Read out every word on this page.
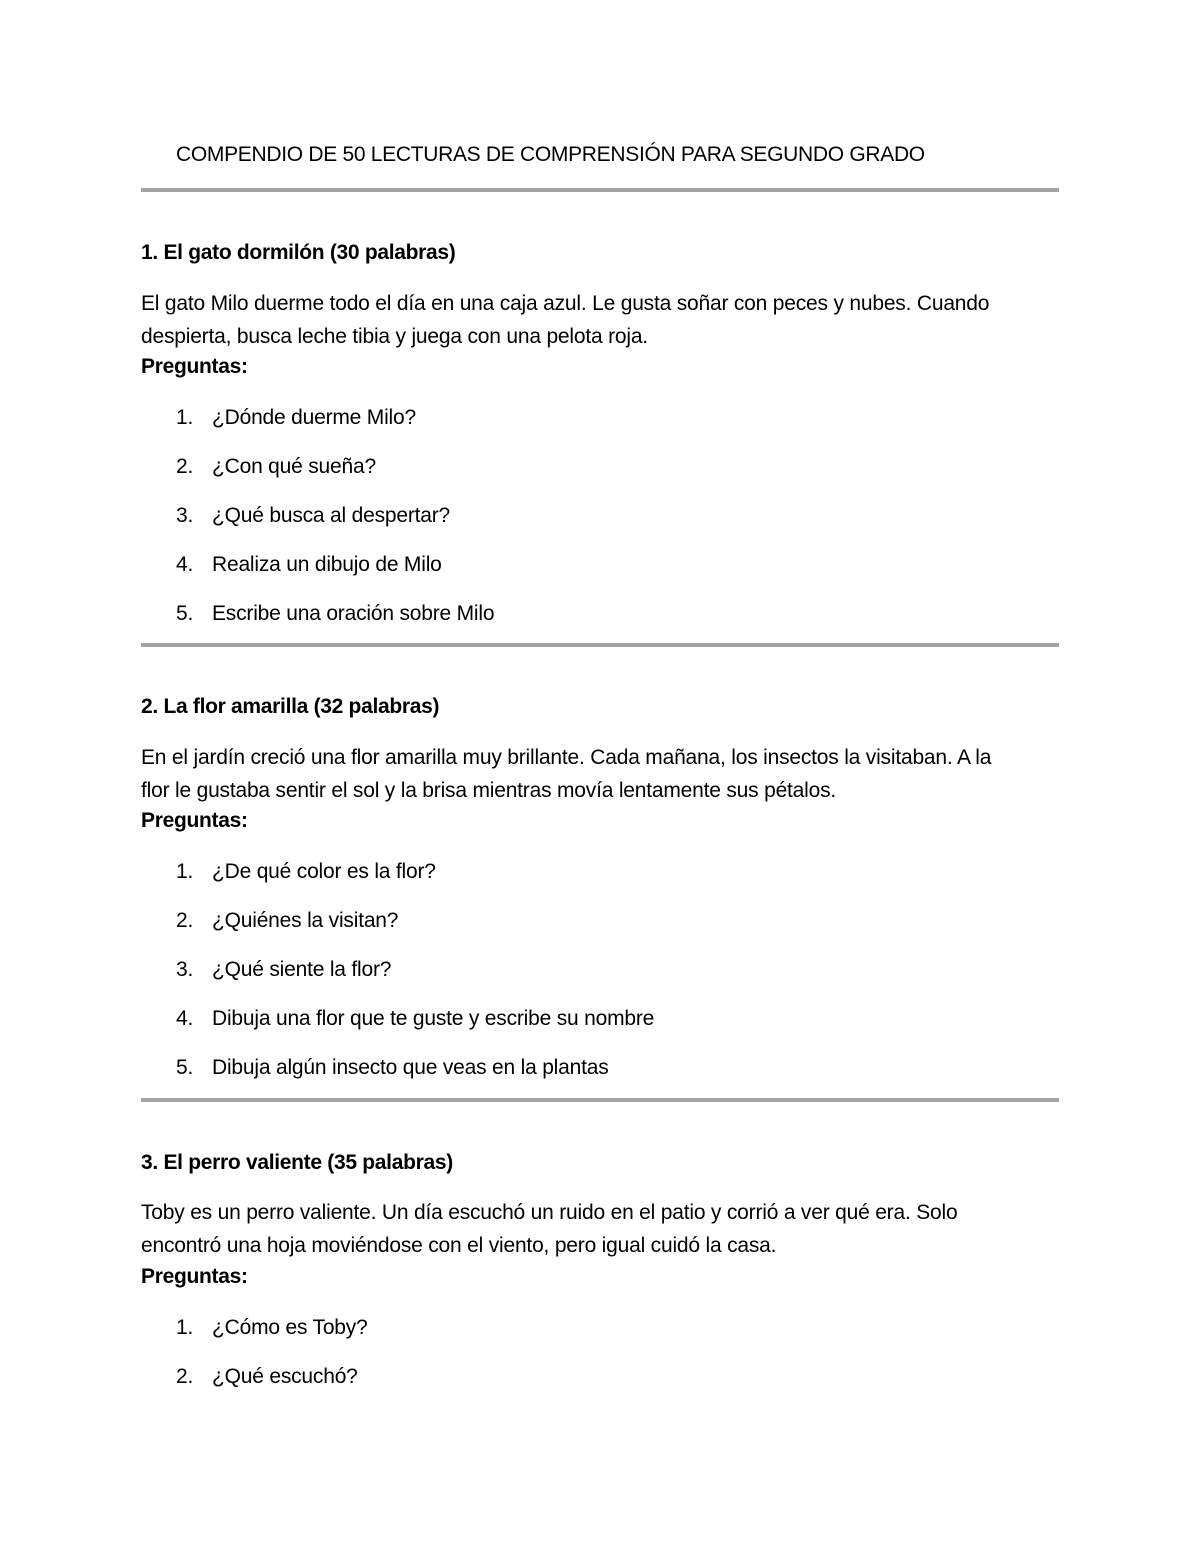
COMPENDIO DE 50 LECTURAS DE COMPRENSIÓN PARA SEGUNDO GRADO
1. El gato dormilón (30 palabras)
El gato Milo duerme todo el día en una caja azul. Le gusta soñar con peces y nubes. Cuando
despierta, busca leche tibia y juega con una pelota roja.
Preguntas:
1. ¿Dónde duerme Milo?
2. ¿Con qué sueña?
3. ¿Qué busca al despertar?
4. Realiza un dibujo de Milo
5. Escribe una oración sobre Milo
2. La flor amarilla (32 palabras)
En el jardín creció una flor amarilla muy brillante. Cada mañana, los insectos la visitaban. A la
flor le gustaba sentir el sol y la brisa mientras movía lentamente sus pétalos.
Preguntas:
1. ¿De qué color es la flor?
2. ¿Quiénes la visitan?
3. ¿Qué siente la flor?
4. Dibuja una flor que te guste y escribe su nombre
5. Dibuja algún insecto que veas en la plantas
3. El perro valiente (35 palabras)
Toby es un perro valiente. Un día escuchó un ruido en el patio y corrió a ver qué era. Solo
encontró una hoja moviéndose con el viento, pero igual cuidó la casa.
Preguntas:
1. ¿Cómo es Toby?
2. ¿Qué escuchó?
